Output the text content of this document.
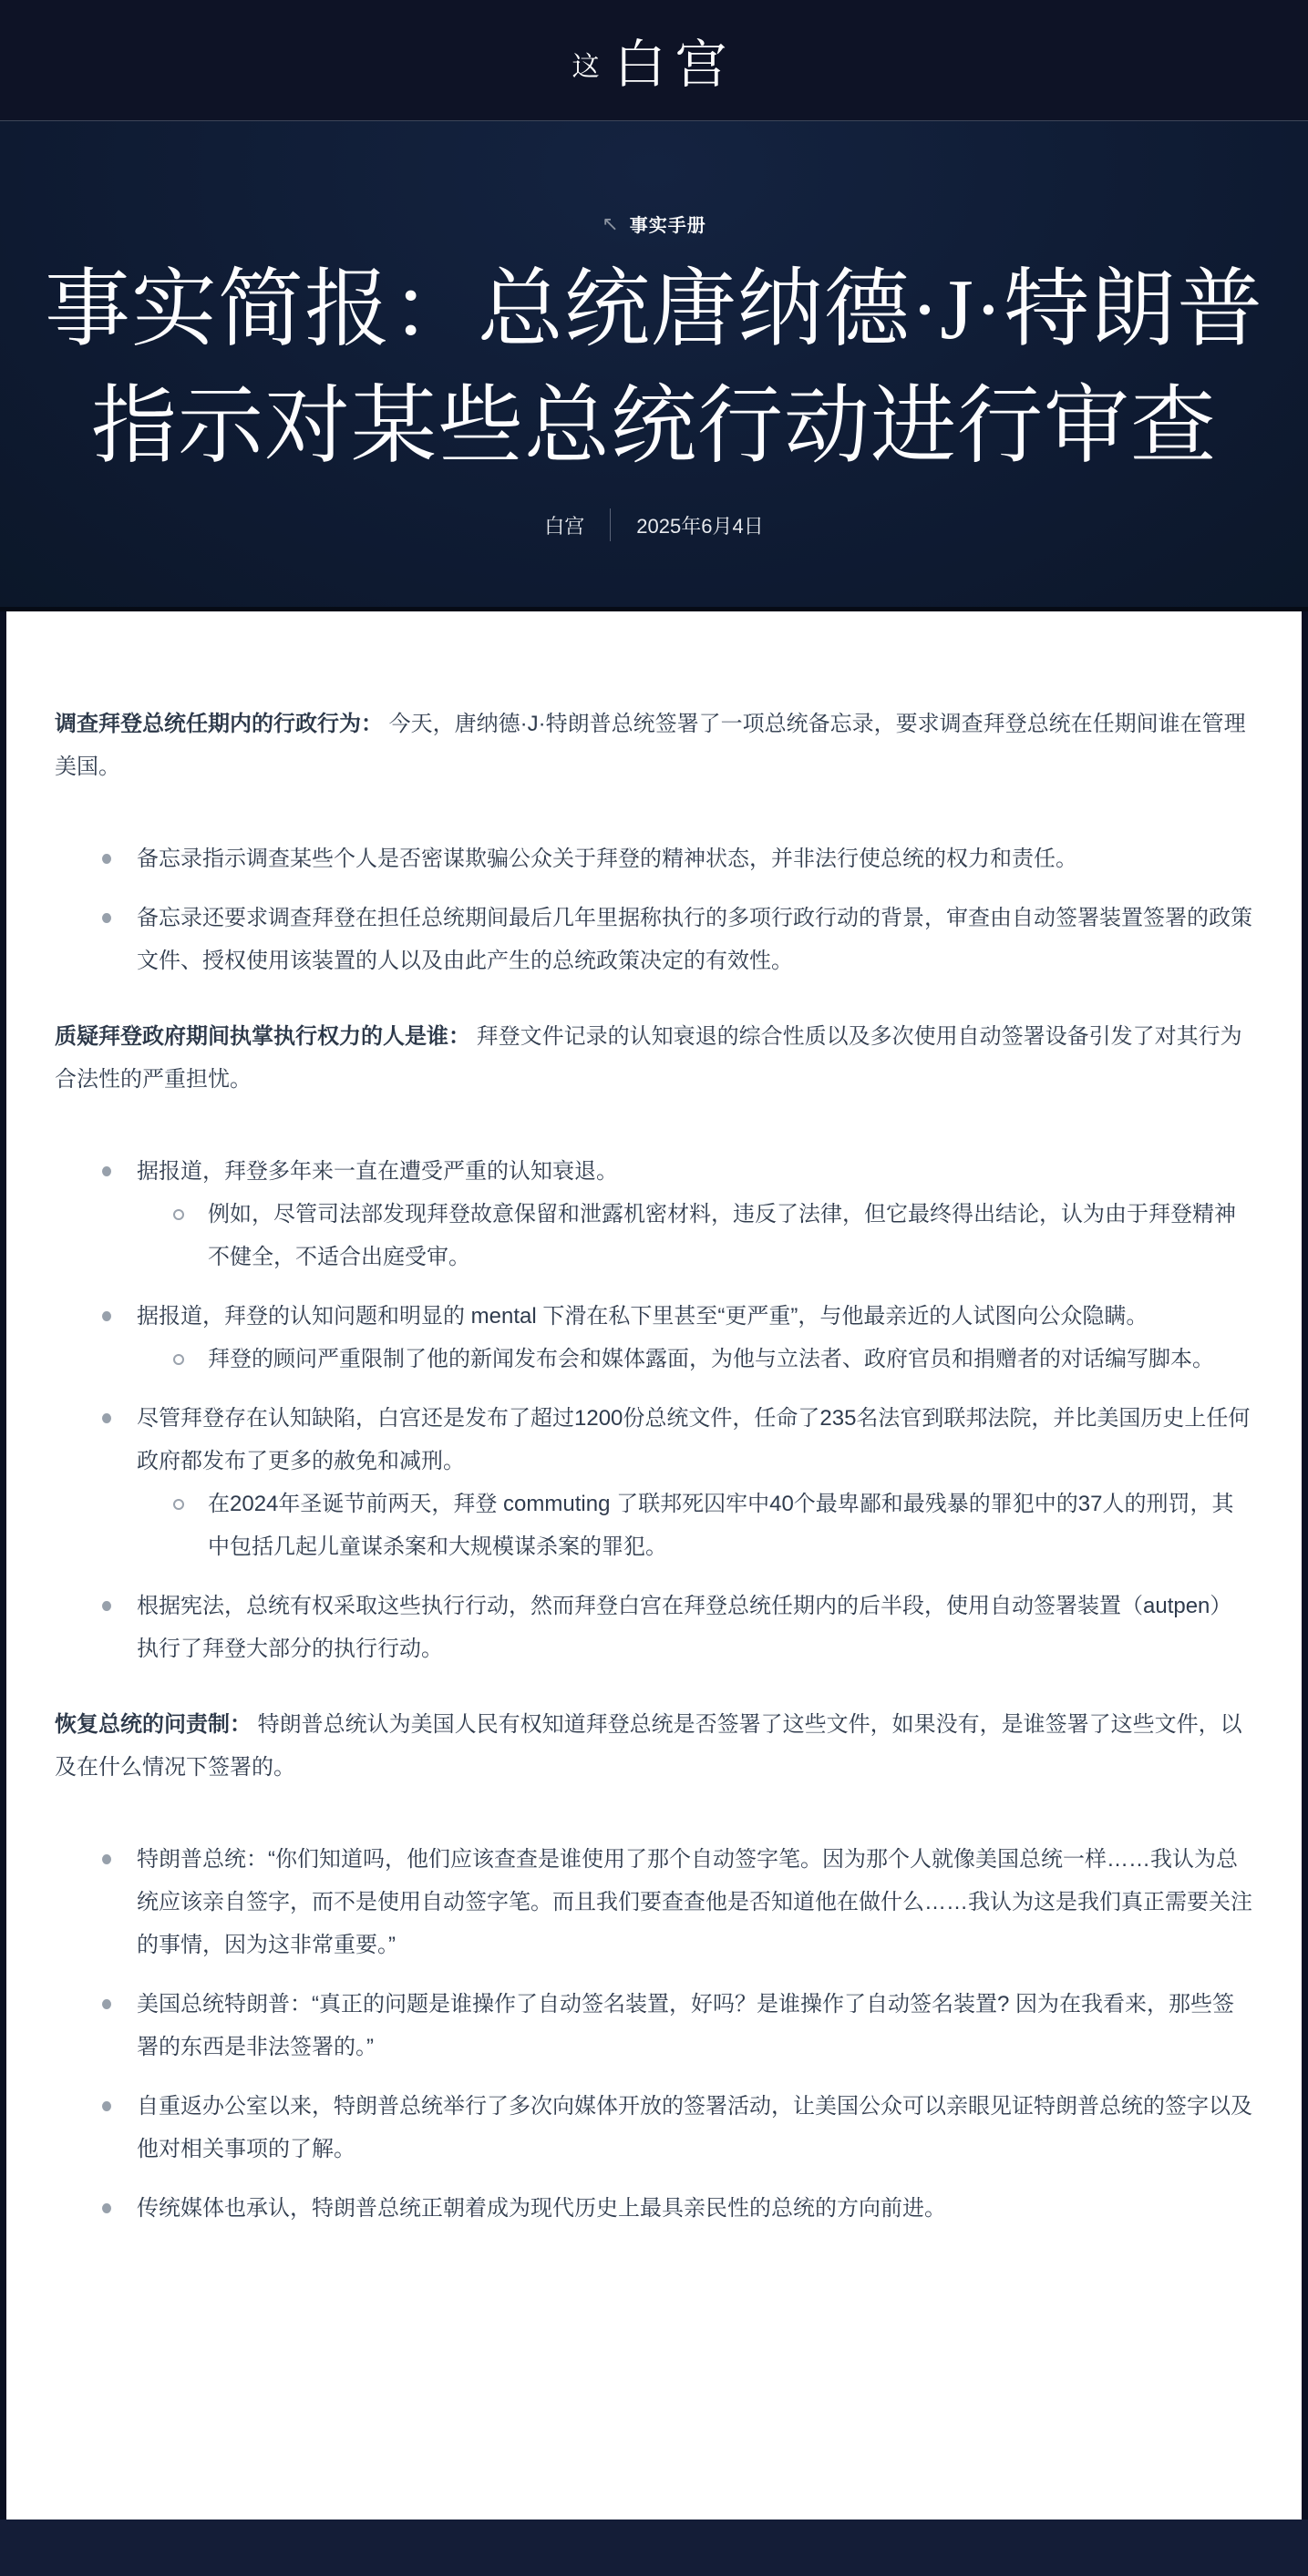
这 白宫
↖ 事实手册
事实简报：总统唐纳德·J·特朗普
指示对某些总统行动进行审查
白宫	2025年6月4日

调查拜登总统任期内的行政行为： 今天，唐纳德·J·特朗普总统签署了一项总统备忘录，要求调查拜登总统在任期间谁在管理美国。

备忘录指示调查某些个人是否密谋欺骗公众关于拜登的精神状态，并非法行使总统的权力和责任。
备忘录还要求调查拜登在担任总统期间最后几年里据称执行的多项行政行动的背景，审查由自动签署装置签署的政策文件、授权使用该装置的人以及由此产生的总统政策决定的有效性。

质疑拜登政府期间执掌执行权力的人是谁： 拜登文件记录的认知衰退的综合性质以及多次使用自动签署设备引发了对其行为合法性的严重担忧。

据报道，拜登多年来一直在遭受严重的认知衰退。
例如，尽管司法部发现拜登故意保留和泄露机密材料，违反了法律，但它最终得出结论，认为由于拜登精神不健全，不适合出庭受审。
据报道，拜登的认知问题和明显的 mental 下滑在私下里甚至“更严重”，与他最亲近的人试图向公众隐瞒。
拜登的顾问严重限制了他的新闻发布会和媒体露面，为他与立法者、政府官员和捐赠者的对话编写脚本。
尽管拜登存在认知缺陷，白宫还是发布了超过1200份总统文件，任命了235名法官到联邦法院，并比美国历史上任何政府都发布了更多的赦免和减刑。
在2024年圣诞节前两天，拜登 commuting 了联邦死囚牢中40个最卑鄙和最残暴的罪犯中的37人的刑罚，其中包括几起儿童谋杀案和大规模谋杀案的罪犯。
根据宪法，总统有权采取这些执行行动，然而拜登白宫在拜登总统任期内的后半段，使用自动签署装置（autpen）执行了拜登大部分的执行行动。

恢复总统的问责制： 特朗普总统认为美国人民有权知道拜登总统是否签署了这些文件，如果没有，是谁签署了这些文件，以及在什么情况下签署的。

特朗普总统：“你们知道吗，他们应该查查是谁使用了那个自动签字笔。因为那个人就像美国总统一样……我认为总统应该亲自签字，而不是使用自动签字笔。而且我们要查查他是否知道他在做什么……我认为这是我们真正需要关注的事情，因为这非常重要。”
美国总统特朗普：“真正的问题是谁操作了自动签名装置，好吗？是谁操作了自动签名装置? 因为在我看来，那些签署的东西是非法签署的。”
自重返办公室以来，特朗普总统举行了多次向媒体开放的签署活动，让美国公众可以亲眼见证特朗普总统的签字以及他对相关事项的了解。
传统媒体也承认，特朗普总统正朝着成为现代历史上最具亲民性的总统的方向前进。
